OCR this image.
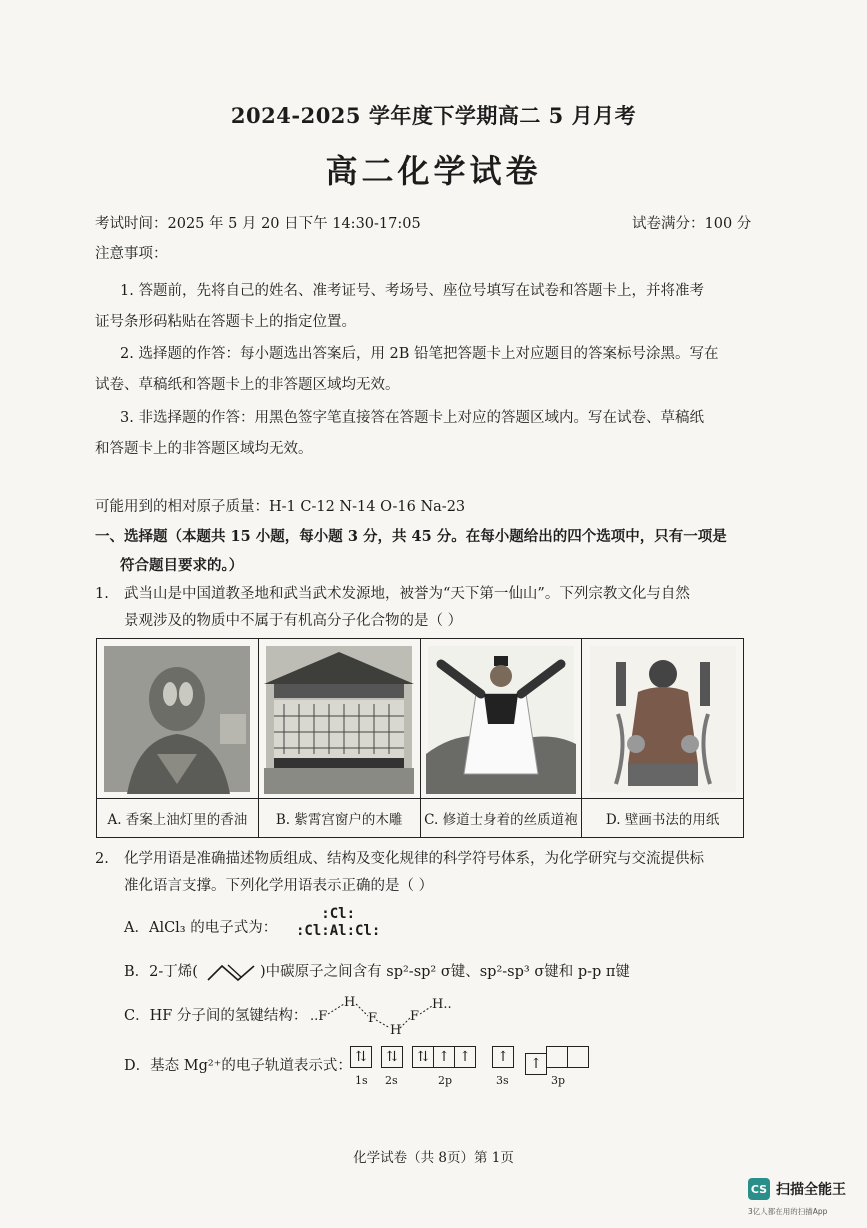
2024-2025 学年度下学期高二 5 月月考
高二化学试卷
考试时间：2025 年 5 月 20 日下午 14:30-17:05	试卷满分：100 分
注意事项：
1. 答题前，先将自己的姓名、准考证号、考场号、座位号填写在试卷和答题卡上，并将准考
证号条形码粘贴在答题卡上的指定位置。
2. 选择题的作答：每小题选出答案后，用 2B 铅笔把答题卡上对应题目的答案标号涂黑。写在
试卷、草稿纸和答题卡上的非答题区域均无效。
3. 非选择题的作答：用黑色签字笔直接答在答题卡上对应的答题区域内。写在试卷、草稿纸
和答题卡上的非答题区域均无效。
可能用到的相对原子质量：H-1 C-12 N-14 O-16 Na-23
一、选择题（本题共 15 小题，每小题 3 分，共 45 分。在每小题给出的四个选项中，只有一项是
符合题目要求的。）
1. 武当山是中国道教圣地和武当武术发源地，被誉为“天下第一仙山”。下列宗教文化与自然
景观涉及的物质中不属于有机高分子化合物的是（ ）
A. 香案上油灯里的香油	B. 紫霄宫窗户的木雕	C. 修道士身着的丝质道袍	D. 壁画书法的用纸
2. 化学用语是准确描述物质组成、结构及变化规律的科学符号体系，为化学研究与交流提供标
准化语言支撑。下列化学用语表示正确的是（ ）
A．AlCl₃ 的电子式为：
:Cl:
:Cl:Al:Cl:
B．2-丁烯(	)中碳原子之间含有 sp²-sp² σ键、sp²-sp³ σ键和 p-p π键
C．HF 分子间的氢键结构： ..F
H
F
H
F
H..
D．基态 Mg²⁺的电子轨道表示式：
⇅	⇅	⇅ ↑ ↑	↑	↑
1s 2s	2p	3s	3p
化学试卷（共 8页）第 1页
CS 扫描全能王
3亿人都在用的扫描App
